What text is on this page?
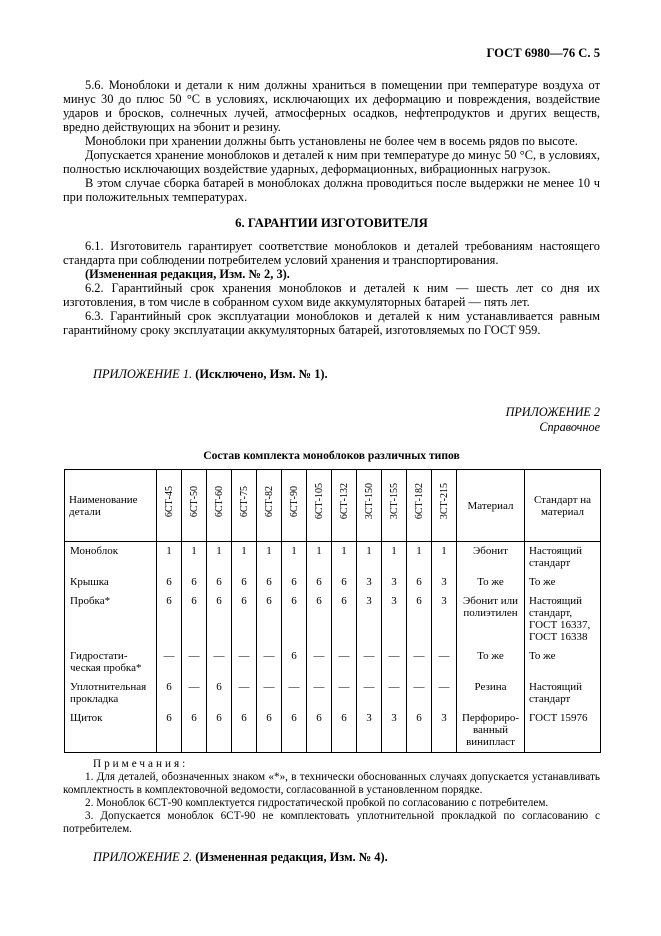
ГОСТ 6980—76 С. 5

5.6. Моноблоки и детали к ним должны храниться в помещении при температуре воздуха от минус 30 до плюс 50 °С в условиях, исключающих их деформацию и повреждения, воздействие ударов и бросков, солнечных лучей, атмосферных осадков, нефтепродуктов и других веществ, вредно действующих на эбонит и резину.

Моноблоки при хранении должны быть установлены не более чем в восемь рядов по высоте.

Допускается хранение моноблоков и деталей к ним при температуре до минус 50 °С, в условиях, полностью исключающих воздействие ударных, деформационных, вибрационных нагрузок.

В этом случае сборка батарей в моноблоках должна проводиться после выдержки не менее 10 ч при положительных температурах.

6. ГАРАНТИИ ИЗГОТОВИТЕЛЯ

6.1. Изготовитель гарантирует соответствие моноблоков и деталей требованиям настоящего стандарта при соблюдении потребителем условий хранения и транспортирования.

(Измененная редакция, Изм. № 2, 3).

6.2. Гарантийный срок хранения моноблоков и деталей к ним — шесть лет со дня их изготовления, в том числе в собранном сухом виде аккумуляторных батарей — пять лет.

6.3. Гарантийный срок эксплуатации моноблоков и деталей к ним устанавливается равным гарантийному сроку эксплуатации аккумуляторных батарей, изготовляемых по ГОСТ 959.

ПРИЛОЖЕНИЕ 1. (Исключено, Изм. № 1).

ПРИЛОЖЕНИЕ 2
Справочное
Состав комплекта моноблоков различных типов
Наименование детали	6СТ-45	6СТ-50	6СТ-60	6СТ-75	6СТ-82	6СТ-90	6СТ-105	6СТ-132	3СТ-150	3СТ-155	6СТ-182	3СТ-215	Материал	Стандарт на материал
Моноблок	1	1	1	1	1	1	1	1	1	1	1	1	Эбонит	Настоящий стандарт
Крышка	6	6	6	6	6	6	6	6	3	3	6	3	То же	То же
Пробка*	6	6	6	6	6	6	6	6	3	3	6	3	Эбонит или полиэтилен	Настоящий стандарт, ГОСТ 16337, ГОСТ 16338
Гидростатическая пробка*	—	—	—	—	—	6	—	—	—	—	—	—	То же	То же
Уплотнительная прокладка	6	—	6	—	—	—	—	—	—	—	—	—	Резина	Настоящий стандарт
Щиток	6	6	6	6	6	6	6	6	3	3	6	3	Перфорированный винипласт	ГОСТ 15976

Примечания:

1. Для деталей, обозначенных знаком «*», в технически обоснованных случаях допускается устанавливать комплектность в комплектовочной ведомости, согласованной в установленном порядке.

2. Моноблок 6СТ-90 комплектуется гидростатической пробкой по согласованию с потребителем.

3. Допускается моноблок 6СТ-90 не комплектовать уплотнительной прокладкой по согласованию с потребителем.

ПРИЛОЖЕНИЕ 2. (Измененная редакция, Изм. № 4).
